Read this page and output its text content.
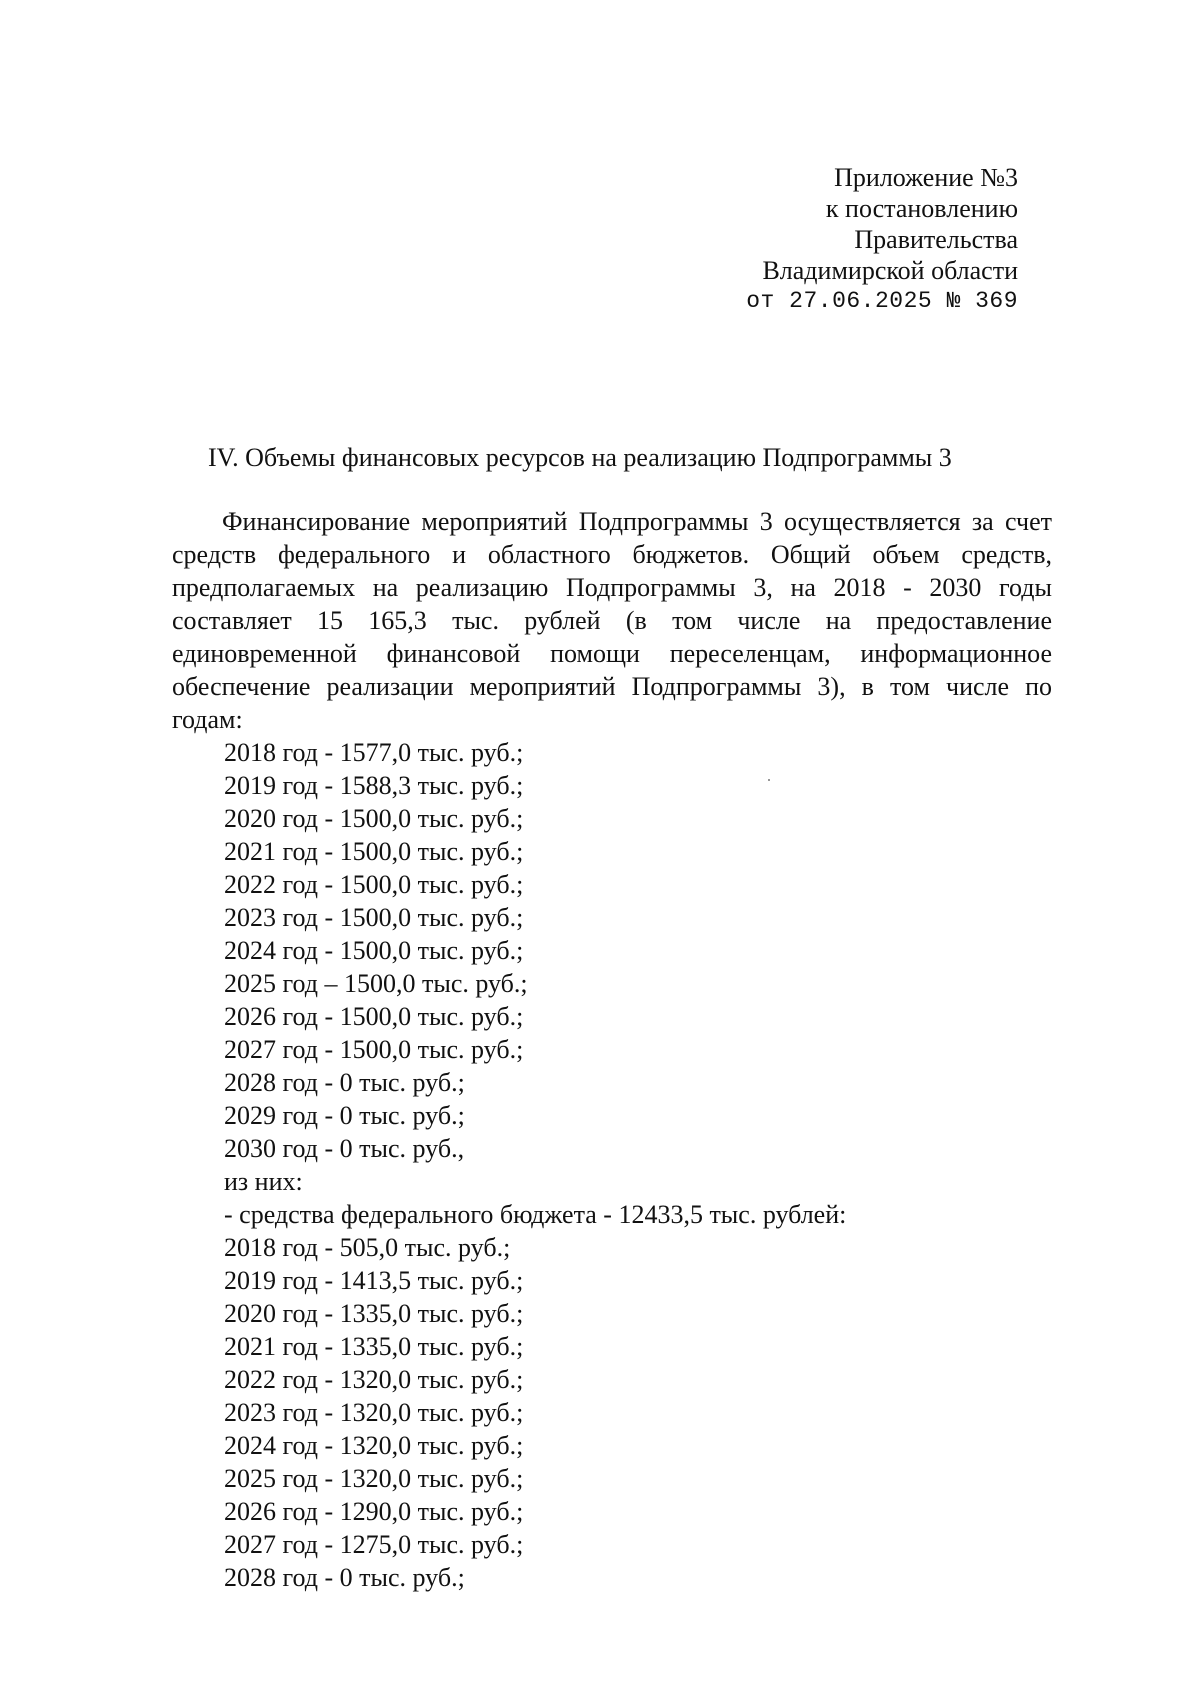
Приложение №3
к постановлению
Правительства
Владимирской области
от 27.06.2025 № 369
IV. Объемы финансовых ресурсов на реализацию Подпрограммы 3

Финансирование мероприятий Подпрограммы 3 осуществляется за счет средств федерального и областного бюджетов. Общий объем средств, предполагаемых на реализацию Подпрограммы 3, на 2018 - 2030 годы составляет 15 165,3 тыс. рублей (в том числе на предоставление единовременной финансовой помощи переселенцам, информационное обеспечение реализации мероприятий Подпрограммы 3), в том числе по годам:

2018 год - 1577,0 тыс. руб.;
2019 год - 1588,3 тыс. руб.;
2020 год - 1500,0 тыс. руб.;
2021 год - 1500,0 тыс. руб.;
2022 год - 1500,0 тыс. руб.;
2023 год - 1500,0 тыс. руб.;
2024 год - 1500,0 тыс. руб.;
2025 год – 1500,0 тыс. руб.;
2026 год - 1500,0 тыс. руб.;
2027 год - 1500,0 тыс. руб.;
2028 год - 0 тыс. руб.;
2029 год - 0 тыс. руб.;
2030 год - 0 тыс. руб.,
из них:
- средства федерального бюджета - 12433,5 тыс. рублей:
2018 год - 505,0 тыс. руб.;
2019 год - 1413,5 тыс. руб.;
2020 год - 1335,0 тыс. руб.;
2021 год - 1335,0 тыс. руб.;
2022 год - 1320,0 тыс. руб.;
2023 год - 1320,0 тыс. руб.;
2024 год - 1320,0 тыс. руб.;
2025 год - 1320,0 тыс. руб.;
2026 год - 1290,0 тыс. руб.;
2027 год - 1275,0 тыс. руб.;
2028 год - 0 тыс. руб.;
